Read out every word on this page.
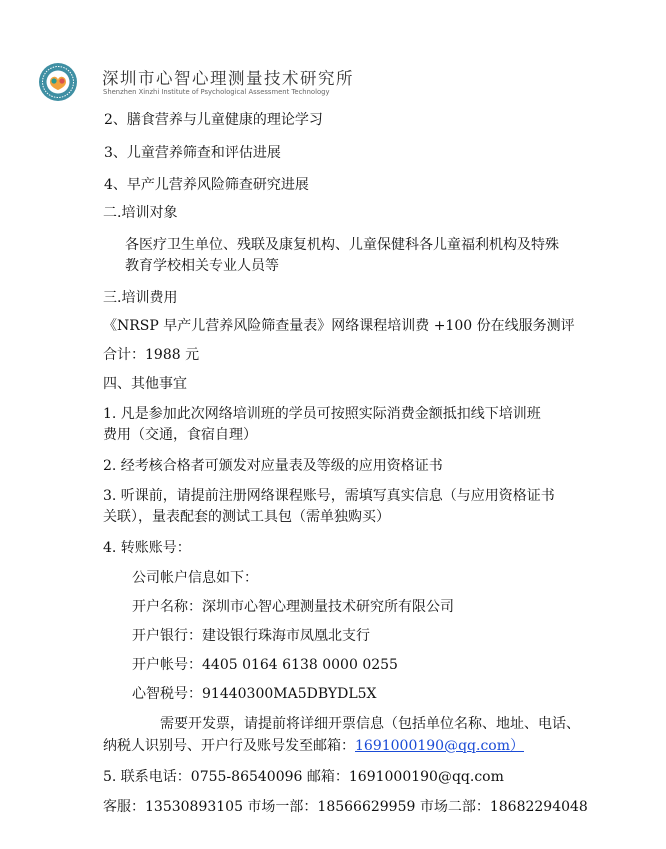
深圳市心智心理测量技术研究所
Shenzhen Xinzhi Institute of Psychological Assessment Technology
2、膳食营养与儿童健康的理论学习
3、儿童营养筛查和评估进展
4、早产儿营养风险筛查研究进展
二.培训对象
各医疗卫生单位、残联及康复机构、儿童保健科各儿童福利机构及特殊
教育学校相关专业人员等
三.培训费用
《NRSP 早产儿营养风险筛查量表》网络课程培训费 +100 份在线服务测评
合计：1988 元
四、其他事宜
1. 凡是参加此次网络培训班的学员可按照实际消费金额抵扣线下培训班
费用（交通，食宿自理）
2. 经考核合格者可颁发对应量表及等级的应用资格证书
3. 听课前，请提前注册网络课程账号，需填写真实信息（与应用资格证书
关联），量表配套的测试工具包（需单独购买）
4. 转账账号：
公司帐户信息如下：
开户名称：深圳市心智心理测量技术研究所有限公司
开户银行：建设银行珠海市凤凰北支行
开户帐号：4405 0164 6138 0000 0255
心智税号：91440300MA5DBYDL5X
需要开发票，请提前将详细开票信息（包括单位名称、地址、电话、
纳税人识别号、开户行及账号发至邮箱：1691000190@qq.com）
5. 联系电话：0755-86540096 邮箱：1691000190@qq.com
客服：13530893105 市场一部：18566629959 市场二部：18682294048
